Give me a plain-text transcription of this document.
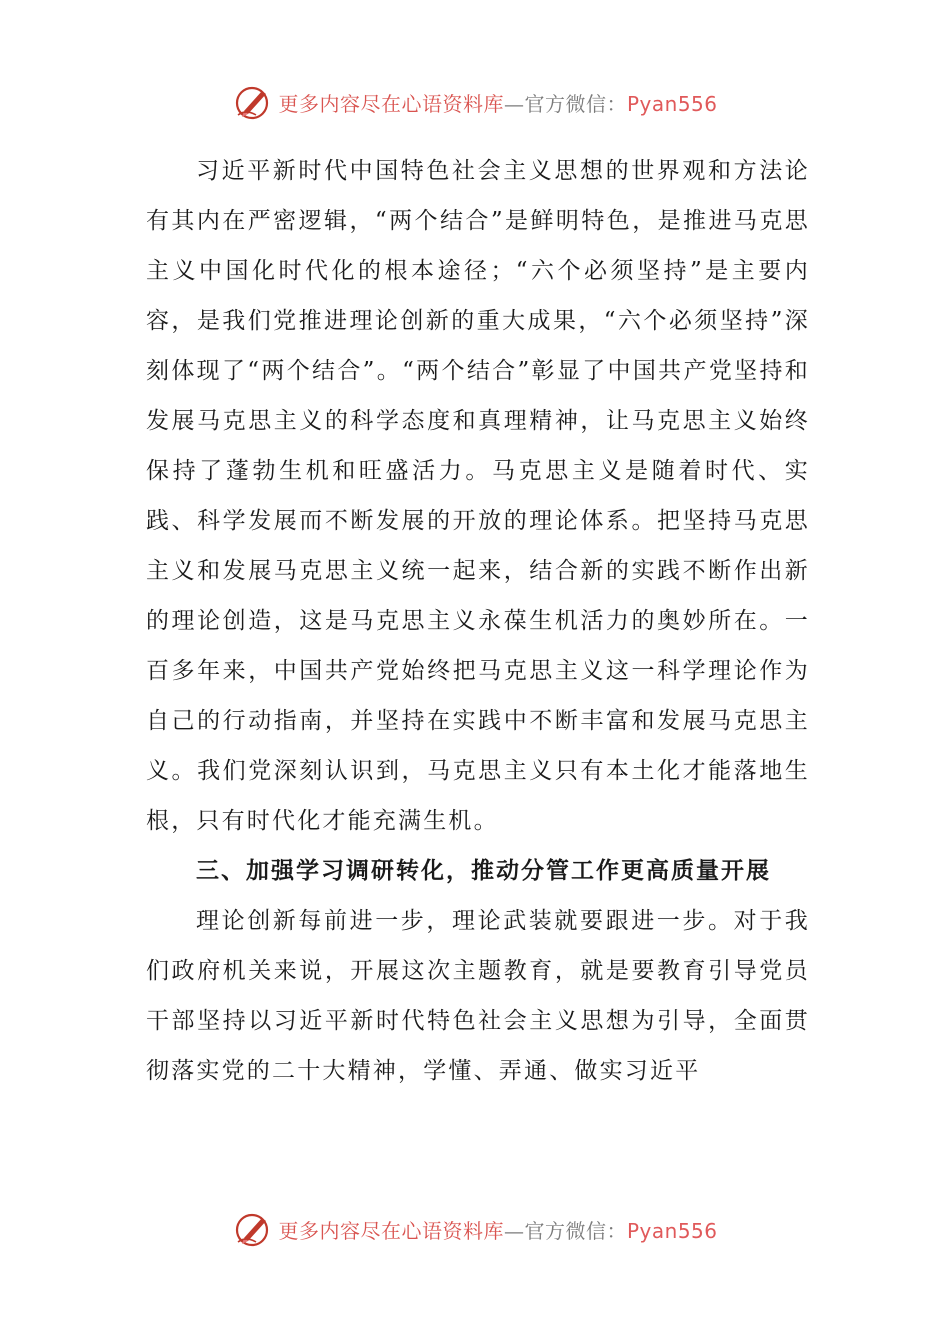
更多内容尽在心语资料库—官方微信：Pyan556

习近平新时代中国特色社会主义思想的世界观和方法论有其内在严密逻辑，“两个结合”是鲜明特色，是推进马克思主义中国化时代化的根本途径；“六个必须坚持”是主要内容，是我们党推进理论创新的重大成果，“六个必须坚持”深刻体现了“两个结合”。“两个结合”彰显了中国共产党坚持和发展马克思主义的科学态度和真理精神，让马克思主义始终保持了蓬勃生机和旺盛活力。马克思主义是随着时代、实践、科学发展而不断发展的开放的理论体系。把坚持马克思主义和发展马克思主义统一起来，结合新的实践不断作出新的理论创造，这是马克思主义永葆生机活力的奥妙所在。一百多年来，中国共产党始终把马克思主义这一科学理论作为自己的行动指南，并坚持在实践中不断丰富和发展马克思主义。我们党深刻认识到，马克思主义只有本土化才能落地生根，只有时代化才能充满生机。

三、加强学习调研转化，推动分管工作更高质量开展

理论创新每前进一步，理论武装就要跟进一步。对于我们政府机关来说，开展这次主题教育，就是要教育引导党员干部坚持以习近平新时代特色社会主义思想为引导，全面贯彻落实党的二十大精神，学懂、弄通、做实习近平

更多内容尽在心语资料库—官方微信：Pyan556
